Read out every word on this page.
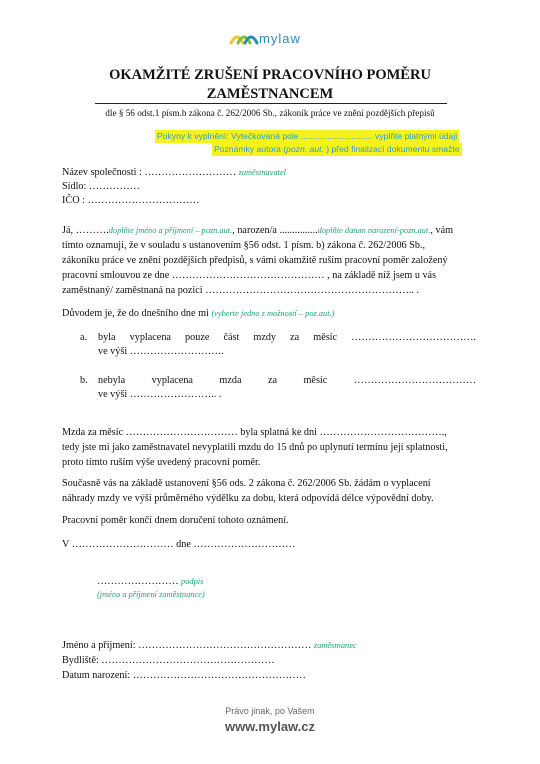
mylaw
OKAMŽITÉ ZRUŠENÍ PRACOVNÍHO POMĚRU
ZAMĚSTNANCEM
dle § 56 odst.1 písm.b zákona č. 262/2006 Sb., zákoník práce ve znění pozdějších přepisů
Pokyny k vyplnění: Vytečkovaná pole .............................. vyplňte platnými údaji
Poznámky autora (pozn. aut. ) před finalizací dokumentu smažte
Název společnosti : ……………………… zaměstnavatel
Sídlo: ……………
IČO : ……………………………
Já, ……….doplňte jméno a příjmení – pozn.aut., narozen/a ...............doplňte datum narození-pozn.aut., vám
tímto oznamuji, že v souladu s ustanovením §56 odst. 1 písm. b) zákona č. 262/2006 Sb.,
zákoníku práce ve znění pozdějších předpisů, s vámi okamžitě ruším pracovní poměr založený
pracovní smlouvou ze dne ……………………………………… , na základě níž jsem u vás
zaměstnaný/ zaměstnaná na pozici …………………………………………………….. .
Důvodem je, že do dnešního dne mi (vyberte jedno z možností – poz.aut.)
a. byla vyplacena pouze část mzdy za měsíc ……………………………….
ve výši ……………………….
b. nebyla	vyplacena	mzda	za	měsíc	………………………………
ve výši …………………….. .
Mzda za měsíc …………………………… byla splatná ke dni ……………………………….,
tedy jste mi jako zaměstnavatel nevyplatili mzdu do 15 dnů po uplynutí termínu její splatnosti,
proto tímto ruším výše uvedený pracovní poměr.
Současně vás na základě ustanovení §56 ods. 2 zákona č. 262/2006 Sb. žádám o vyplacení
náhrady mzdy ve výši průměrného výdělku za dobu, která odpovídá délce výpovědní doby.
Pracovní poměr končí dnem doručení tohoto oznámení.
V ………………………… dne …………………………
…………………… podpis
(jméno a příjmení zaměstnance)
Jméno a příjmení: …………………………………………… zaměstnanec
Bydliště: ……………………………………………
Datum narození: ……………………………………………
Právo jinak, po Vašem
www.mylaw.cz
